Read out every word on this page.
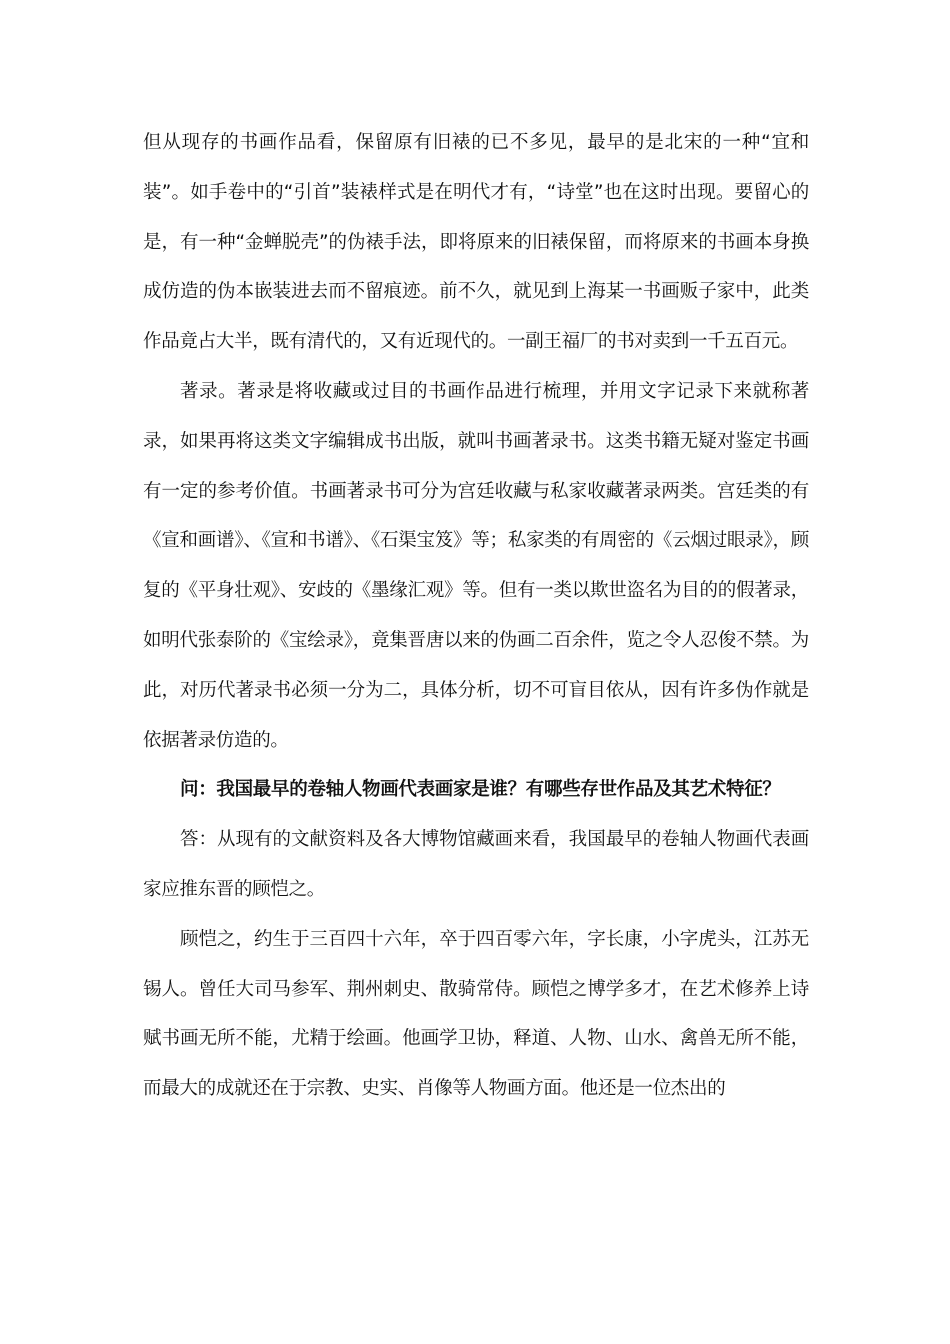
但从现存的书画作品看，保留原有旧裱的已不多见，最早的是北宋的一种“宜和装”。如手卷中的“引首”装裱样式是在明代才有，“诗堂”也在这时出现。要留心的是，有一种“金蝉脱壳”的伪裱手法，即将原来的旧裱保留，而将原来的书画本身换成仿造的伪本嵌装进去而不留痕迹。前不久，就见到上海某一书画贩子家中，此类作品竟占大半，既有清代的，又有近现代的。一副王福厂的书对卖到一千五百元。

著录。著录是将收藏或过目的书画作品进行梳理，并用文字记录下来就称著录，如果再将这类文字编辑成书出版，就叫书画著录书。这类书籍无疑对鉴定书画有一定的参考价值。书画著录书可分为宫廷收藏与私家收藏著录两类。宫廷类的有《宣和画谱》、《宣和书谱》、《石渠宝笈》等；私家类的有周密的《云烟过眼录》，顾复的《平身壮观》、安歧的《墨缘汇观》等。但有一类以欺世盗名为目的的假著录，如明代张泰阶的《宝绘录》，竟集晋唐以来的伪画二百余件，览之令人忍俊不禁。为此，对历代著录书必须一分为二，具体分析，切不可盲目依从，因有许多伪作就是依据著录仿造的。

问：我国最早的卷轴人物画代表画家是谁？有哪些存世作品及其艺术特征？

答：从现有的文献资料及各大博物馆藏画来看，我国最早的卷轴人物画代表画家应推东晋的顾恺之。

顾恺之，约生于三百四十六年，卒于四百零六年，字长康，小字虎头，江苏无锡人。曾任大司马参军、荆州刺史、散骑常侍。顾恺之博学多才，在艺术修养上诗赋书画无所不能，尤精于绘画。他画学卫协，释道、人物、山水、禽兽无所不能，而最大的成就还在于宗教、史实、肖像等人物画方面。他还是一位杰出的
